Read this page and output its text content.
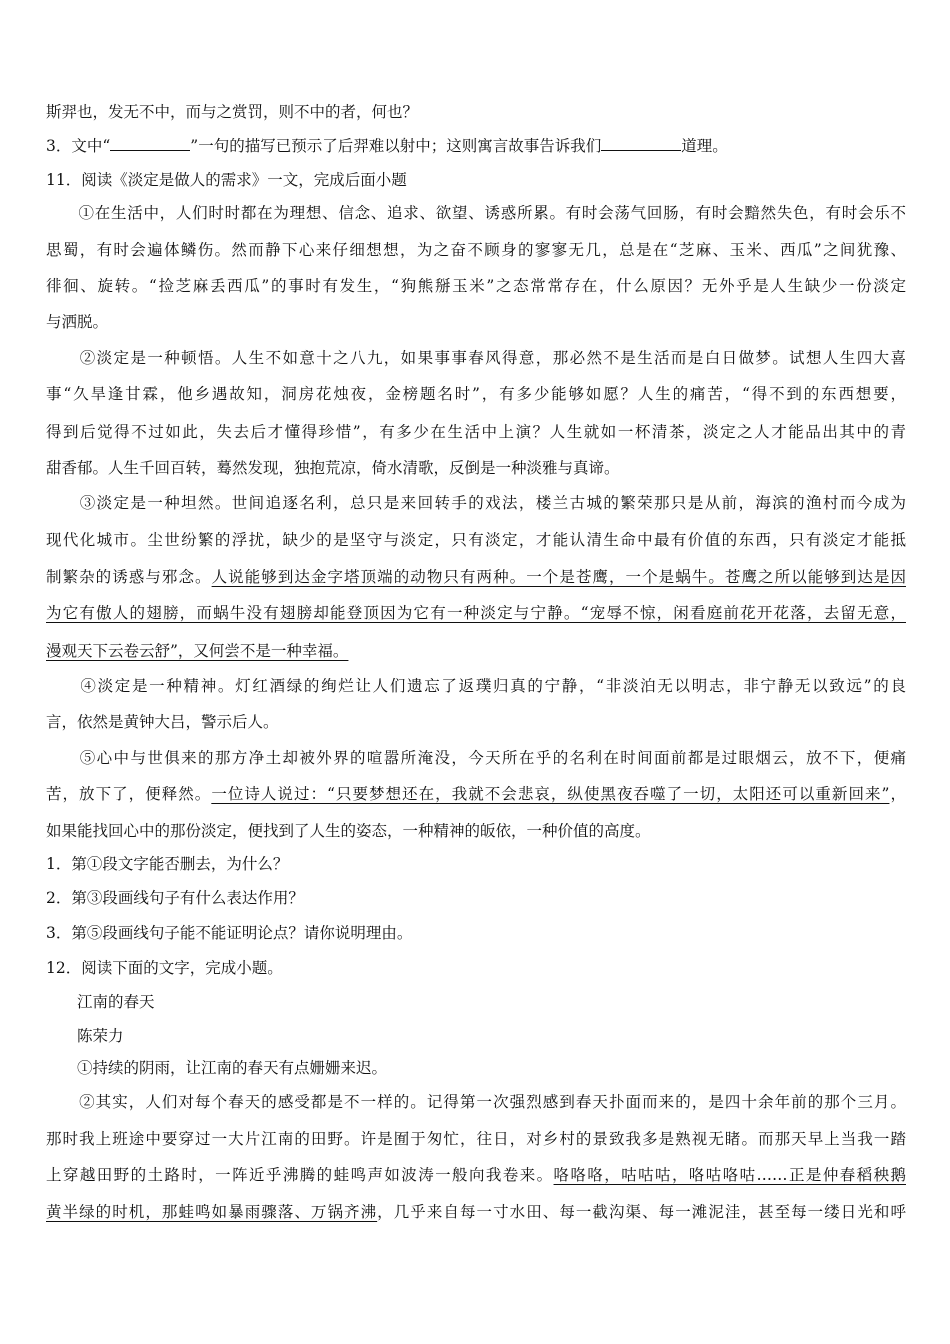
斯羿也，发无不中，而与之赏罚，则不中的者，何也？
3．文中“	”一句的描写已预示了后羿难以射中；这则寓言故事告诉我们	道理。
11．阅读《淡定是做人的需求》一文，完成后面小题
　　①在生活中，人们时时都在为理想、信念、追求、欲望、诱惑所累。有时会荡气回肠，有时会黯然失色，有时会乐不
思蜀，有时会遍体鳞伤。然而静下心来仔细想想，为之奋不顾身的寥寥无几，总是在“芝麻、玉米、西瓜”之间犹豫、
徘徊、旋转。“捡芝麻丢西瓜”的事时有发生，“狗熊掰玉米”之态常常存在，什么原因？无外乎是人生缺少一份淡定
与洒脱。
　　②淡定是一种顿悟。人生不如意十之八九，如果事事春风得意，那必然不是生活而是白日做梦。试想人生四大喜
事“久旱逢甘霖，他乡遇故知，洞房花烛夜，金榜题名时”，有多少能够如愿？人生的痛苦，“得不到的东西想要，
得到后觉得不过如此，失去后才懂得珍惜”，有多少在生活中上演？人生就如一杯清茶，淡定之人才能品出其中的青
甜香郁。人生千回百转，蓦然发现，独抱荒凉，倚水清歌，反倒是一种淡雅与真谛。
　　③淡定是一种坦然。世间追逐名利，总只是来回转手的戏法，楼兰古城的繁荣那只是从前，海滨的渔村而今成为
现代化城市。尘世纷繁的浮扰，缺少的是坚守与淡定，只有淡定，才能认清生命中最有价值的东西，只有淡定才能抵
制繁杂的诱惑与邪念。人说能够到达金字塔顶端的动物只有两种。一个是苍鹰，一个是蜗牛。苍鹰之所以能够到达是因
为它有傲人的翅膀，而蜗牛没有翅膀却能登顶因为它有一种淡定与宁静。“宠辱不惊，闲看庭前花开花落，去留无意，
漫观天下云卷云舒”，又何尝不是一种幸福。
　　④淡定是一种精神。灯红酒绿的绚烂让人们遗忘了返璞归真的宁静，“非淡泊无以明志，非宁静无以致远”的良
言，依然是黄钟大吕，警示后人。
　　⑤心中与世俱来的那方净土却被外界的喧嚣所淹没，今天所在乎的名利在时间面前都是过眼烟云，放不下，便痛
苦，放下了，便释然。一位诗人说过：“只要梦想还在，我就不会悲哀，纵使黑夜吞噬了一切，太阳还可以重新回来”，
如果能找回心中的那份淡定，便找到了人生的姿态，一种精神的皈依，一种价值的高度。
1．第①段文字能否删去，为什么？
2．第③段画线句子有什么表达作用？
3．第⑤段画线句子能不能证明论点？请你说明理由。
12．阅读下面的文字，完成小题。
　　江南的春天
　　陈荣力
　　①持续的阴雨，让江南的春天有点姗姗来迟。
　　②其实，人们对每个春天的感受都是不一样的。记得第一次强烈感到春天扑面而来的，是四十余年前的那个三月。
那时我上班途中要穿过一大片江南的田野。许是囿于匆忙，往日，对乡村的景致我多是熟视无睹。而那天早上当我一踏
上穿越田野的土路时，一阵近乎沸腾的蛙鸣声如波涛一般向我卷来。咯咯咯，咕咕咕，咯咕咯咕……正是仲春稻秧鹅
黄半绿的时机，那蛙鸣如暴雨骤落、万锅齐沸，几乎来自每一寸水田、每一截沟渠、每一滩泥洼，甚至每一缕日光和呼
